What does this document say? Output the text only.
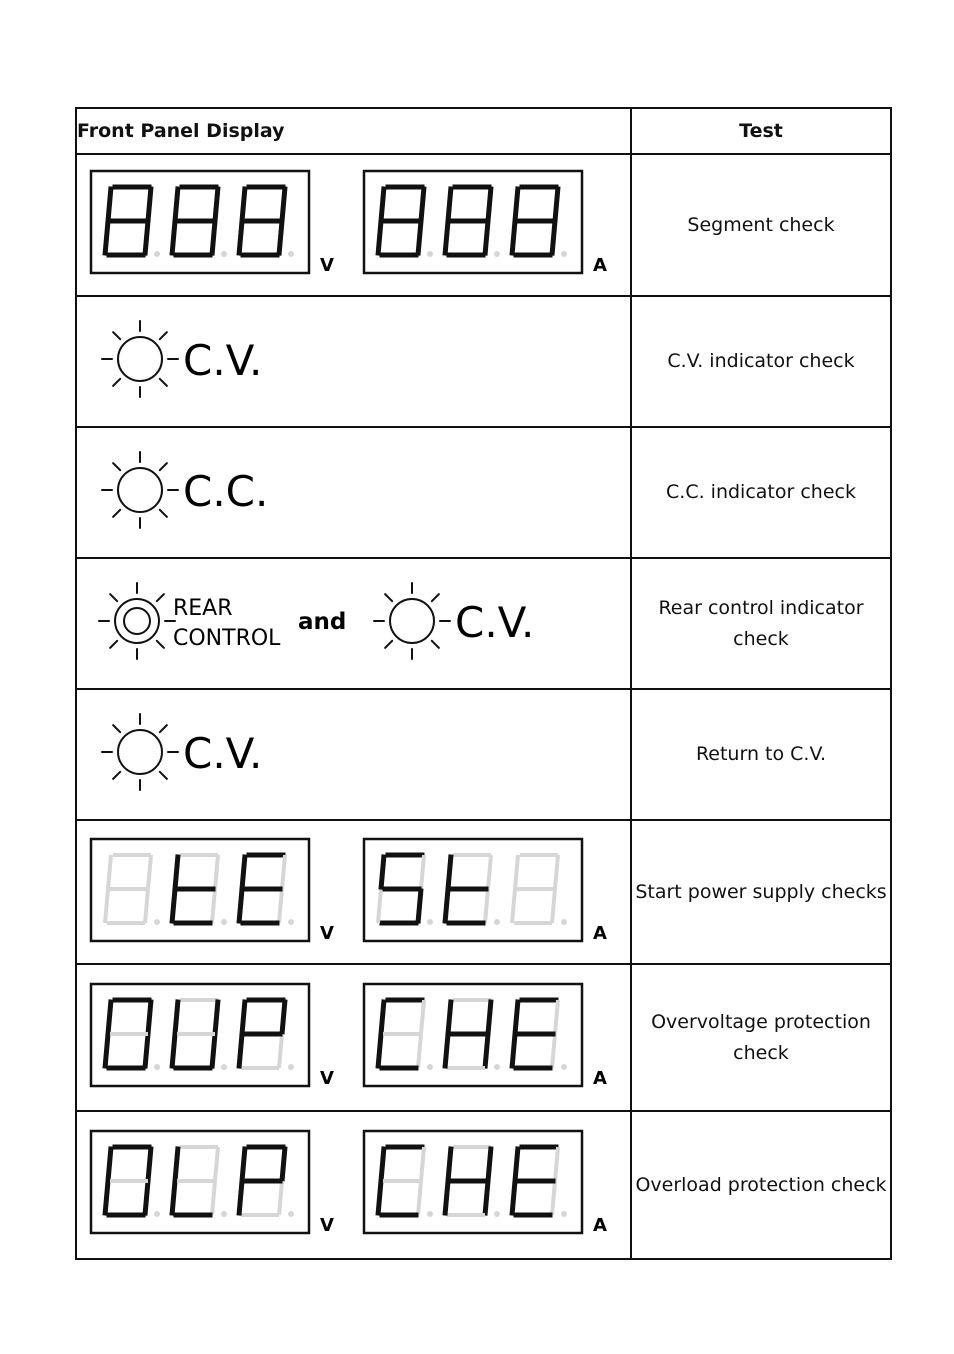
Front Panel Display	Test

V A	Segment check

C.V.	C.V. indicator check

C.C.	C.C. indicator check

REAR
CONTROL
and C.V.	Rear control indicator check

C.V.	Return to C.V.

V A	Start power supply checks

V A	Overvoltage protection check

V A	Overload protection check
